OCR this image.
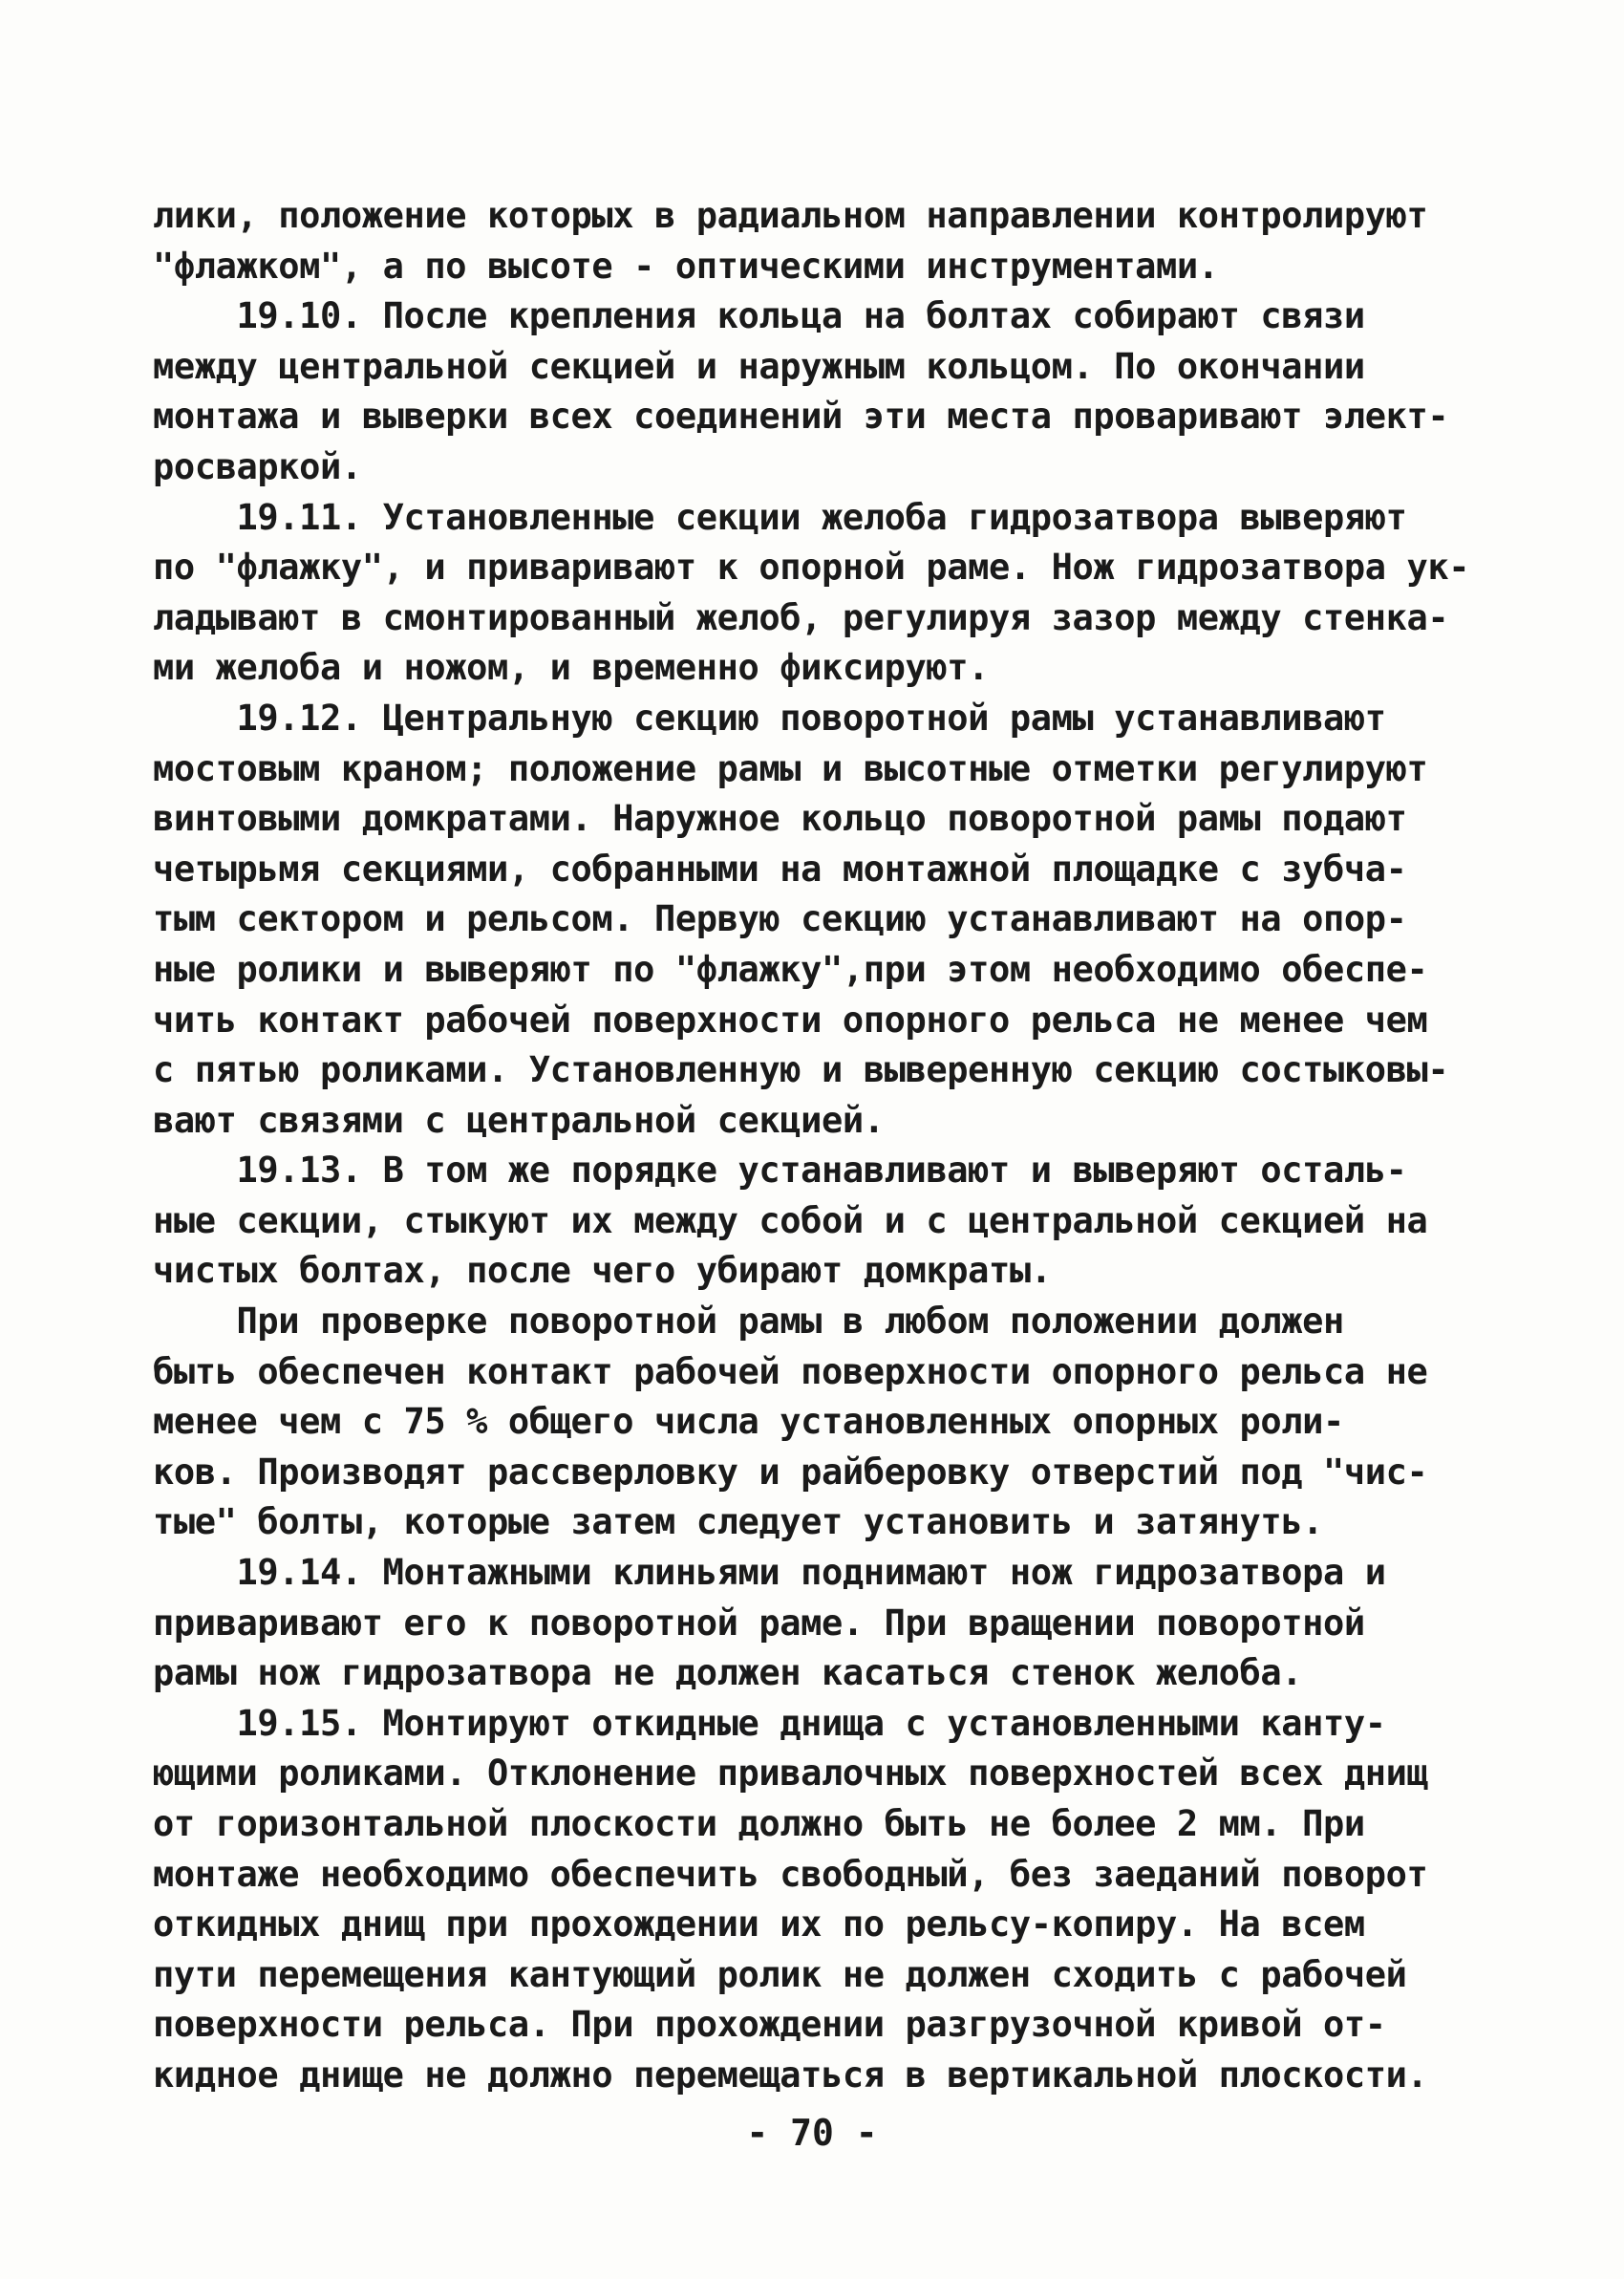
лики, положение которых в радиальном направлении контролируют
"флажком", а по высоте - оптическими инструментами.
19.10. После крепления кольца на болтах собирают связи
между центральной секцией и наружным кольцом. По окончании
монтажа и выверки всех соединений эти места проваривают элект-
росваркой.
19.11. Установленные секции желоба гидрозатвора выверяют
по "флажку", и приваривают к опорной раме. Нож гидрозатвора ук-
ладывают в смонтированный желоб, регулируя зазор между стенка-
ми желоба и ножом, и временно фиксируют.
19.12. Центральную секцию поворотной рамы устанавливают
мостовым краном; положение рамы и высотные отметки регулируют
винтовыми домкратами. Наружное кольцо поворотной рамы подают
четырьмя секциями, собранными на монтажной площадке с зубча-
тым сектором и рельсом. Первую секцию устанавливают на опор-
ные ролики и выверяют по "флажку",при этом необходимо обеспе-
чить контакт рабочей поверхности опорного рельса не менее чем
с пятью роликами. Установленную и выверенную секцию состыковы-
вают связями с центральной секцией.
19.13. В том же порядке устанавливают и выверяют осталь-
ные секции, стыкуют их между собой и с центральной секцией на
чистых болтах, после чего убирают домкраты.
При проверке поворотной рамы в любом положении должен
быть обеспечен контакт рабочей поверхности опорного рельса не
менее чем с 75 % общего числа установленных опорных роли-
ков. Производят рассверловку и райберовку отверстий под "чис-
тые" болты, которые затем следует установить и затянуть.
19.14. Монтажными клиньями поднимают нож гидрозатвора и
приваривают его к поворотной раме. При вращении поворотной
рамы нож гидрозатвора не должен касаться стенок желоба.
19.15. Монтируют откидные днища с установленными канту-
ющими роликами. Отклонение привалочных поверхностей всех днищ
от горизонтальной плоскости должно быть не более 2 мм. При
монтаже необходимо обеспечить свободный, без заеданий поворот
откидных днищ при прохождении их по рельсу-копиру. На всем
пути перемещения кантующий ролик не должен сходить с рабочей
поверхности рельса. При прохождении разгрузочной кривой от-
кидное днище не должно перемещаться в вертикальной плоскости.
- 70 -
